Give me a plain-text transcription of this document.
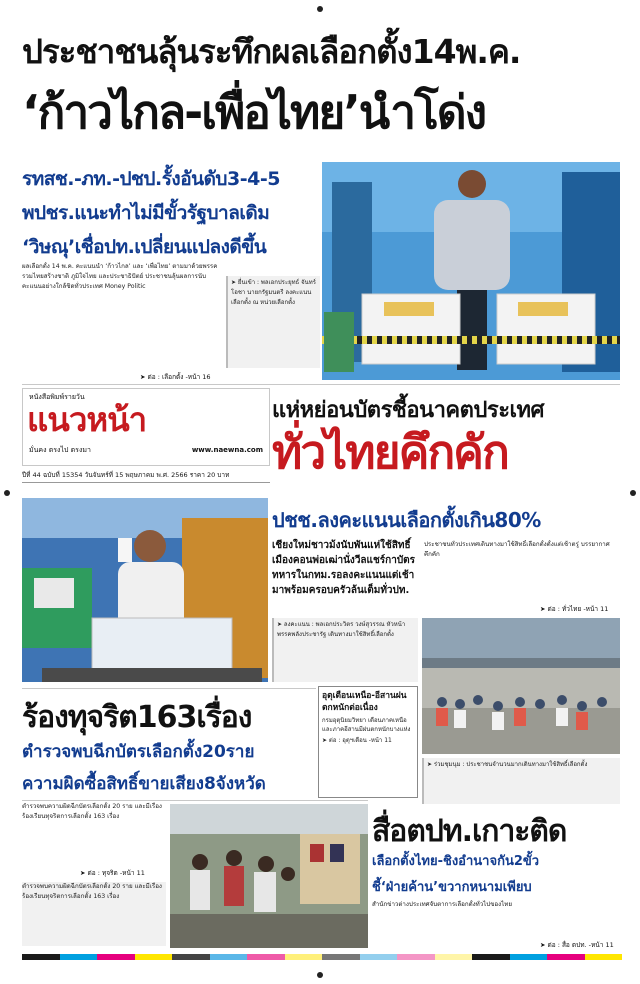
ประชาชนลุ้นระทึกผลเลือกตั้ง14พ.ค.
‘ก้าวไกล-เพื่อไทย’นำโด่ง
รทสช.-ภท.-ปชป.รั้งอันดับ3-4-5
พปชร.แนะทำไม่มีขั้วรัฐบาลเดิม
‘วิษณุ’เชื่อปท.เปลี่ยนแปลงดีขึ้น
ผลเลือกตั้ง 14 พ.ค. คะแนนนำ ‘ก้าวไกล’ และ ‘เพื่อไทย’ ตามมาด้วยพรรครวมไทยสร้างชาติ ภูมิใจไทย และประชาธิปัตย์ ประชาชนลุ้นผลการนับคะแนนอย่างใกล้ชิดทั่วประเทศ Money Politic
➤ ต่อ : เลือกตั้ง -หน้า 16
➤ ยื่นเข้า : พลเอกประยุทธ์ จันทร์โอชา นายกรัฐมนตรี ลงคะแนนเลือกตั้ง ณ หน่วยเลือกตั้ง
หนังสือพิมพ์รายวัน
แนวหน้า
มั่นคง ตรงไป ตรงมา	www.naewna.com
ปีที่ 44 ฉบับที่ 15354 วันจันทร์ที่ 15 พฤษภาคม พ.ศ. 2566 ราคา 20 บาท
แห่หย่อนบัตรชี้อนาคตประเทศ
ทั่วไทยคึกคัก
ปชช.ลงคะแนนเลือกตั้งเกิน80%
เชียงใหม่ชาวม้งนับพันแห่ใช้สิทธิ์
เมืองคอนพ่อเฒ่านั่งวีลแชร์กาบัตร
ทหารในกทม.รอลงคะแนนแต่เช้า
มาพร้อมครอบครัวล้นเต็มทั่วปท.
ประชาชนทั่วประเทศเดินทางมาใช้สิทธิ์เลือกตั้งตั้งแต่เช้าตรู่ บรรยากาศคึกคัก
➤ ต่อ : ทั่วไทย -หน้า 11
➤ ลงคะแนน : พลเอกประวิตร วงษ์สุวรรณ หัวหน้าพรรคพลังประชารัฐ เดินทางมาใช้สิทธิ์เลือกตั้ง
➤ ร่วมชุมนุม : ประชาชนจำนวนมากเดินทางมาใช้สิทธิ์เลือกตั้ง
ร้องทุจริต163เรื่อง
ตำรวจพบฉีกบัตรเลือกตั้ง20ราย
ความผิดซื้อสิทธิ์ขายเสียง8จังหวัด
ตำรวจพบความผิดฉีกบัตรเลือกตั้ง 20 ราย และมีเรื่องร้องเรียนทุจริตการเลือกตั้ง 163 เรื่อง
➤ ต่อ : ทุจริต -หน้า 11
ตำรวจพบความผิดฉีกบัตรเลือกตั้ง 20 ราย และมีเรื่องร้องเรียนทุจริตการเลือกตั้ง 163 เรื่อง
อุตุเตือนเหนือ-อีสานฝนตกหนักต่อเนื่อง
กรมอุตุนิยมวิทยา เตือนภาคเหนือและภาคอีสานมีฝนตกหนักบางแห่ง
➤ ต่อ : อุตุฯเตือน -หน้า 11
สื่อตปท.เกาะติด
เลือกตั้งไทย-ชิงอำนาจกัน2ขั้ว
ชี้‘ฝ่ายค้าน’ขวากหนามเพียบ
สำนักข่าวต่างประเทศจับตาการเลือกตั้งทั่วไปของไทย
➤ ต่อ : สื่อ ตปท. -หน้า 11
